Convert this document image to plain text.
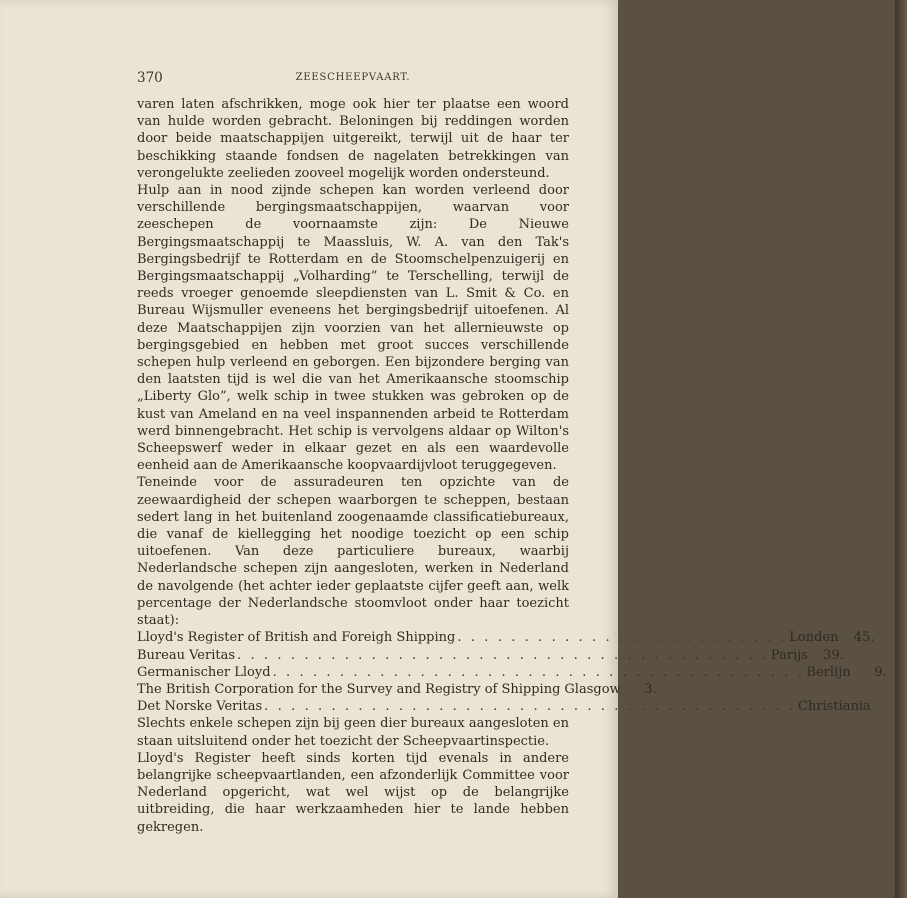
370	ZEESCHEEPVAART.

varen laten afschrikken, moge ook hier ter plaatse een woord van hulde worden gebracht. Beloningen bij reddingen worden door beide maatschappijen uitgereikt, terwijl uit de haar ter beschikking staande fondsen de nagelaten betrekkingen van verongelukte zeelieden zooveel mogelijk worden ondersteund.

Hulp aan in nood zijnde schepen kan worden verleend door verschillende bergingsmaatschappijen, waarvan voor zeeschepen de voornaamste zijn: De Nieuwe Bergingsmaatschappij te Maassluis, W. A. van den Tak's Bergingsbedrijf te Rotterdam en de Stoomschelpenzuigerij en Bergingsmaatschappij „Volharding” te Terschelling, terwijl de reeds vroeger genoemde sleepdiensten van L. Smit & Co. en Bureau Wijsmuller eveneens het bergingsbedrijf uitoefenen. Al deze Maatschappijen zijn voorzien van het allernieuwste op bergingsgebied en hebben met groot succes verschillende schepen hulp verleend en geborgen. Een bijzondere berging van den laatsten tijd is wel die van het Amerikaansche stoomschip „Liberty Glo”, welk schip in twee stukken was gebroken op de kust van Ameland en na veel inspannenden arbeid te Rotterdam werd binnengebracht. Het schip is vervolgens aldaar op Wilton's Scheepswerf weder in elkaar gezet en als een waardevolle eenheid aan de Amerikaansche koopvaardijvloot teruggegeven.

Teneinde voor de assuradeuren ten opzichte van de zeewaardigheid der schepen waarborgen te scheppen, bestaan sedert lang in het buitenland zoogenaamde classificatiebureaux, die vanaf de kiellegging het noodige toezicht op een schip uitoefenen. Van deze particuliere bureaux, waarbij Nederlandsche schepen zijn aangesloten, werken in Nederland de navolgende (het achter ieder geplaatste cijfer geeft aan, welk percentage der Nederlandsche stoomvloot onder haar toezicht staat):

Lloyd's Register of British and Foreigh Shipping . . . . . . . . . . . . . . . . . . . . . . . . . Londen	45.
Bureau Veritas . . . . . . . . . . . . . . . . . . . . . . . . . . . . . . . . . . . . . . . . Parijs	39.
Germanischer Lloyd . . . . . . . . . . . . . . . . . . . . . . . . . . . . . . . . . . . . . . . . Berlijn	9.
The British Corporation for the Survey and Registry of Shipping Glasgow	3.
Det Norske Veritas . . . . . . . . . . . . . . . . . . . . . . . . . . . . . . . . . . . . . . . . Christiania

Slechts enkele schepen zijn bij geen dier bureaux aangesloten en staan uitsluitend onder het toezicht der Scheepvaartinspectie.

Lloyd's Register heeft sinds korten tijd evenals in andere belangrijke scheepvaartlanden, een afzonderlijk Committee voor Nederland opgericht, wat wel wijst op de belangrijke uitbreiding, die haar werkzaamheden hier te lande hebben gekregen.
